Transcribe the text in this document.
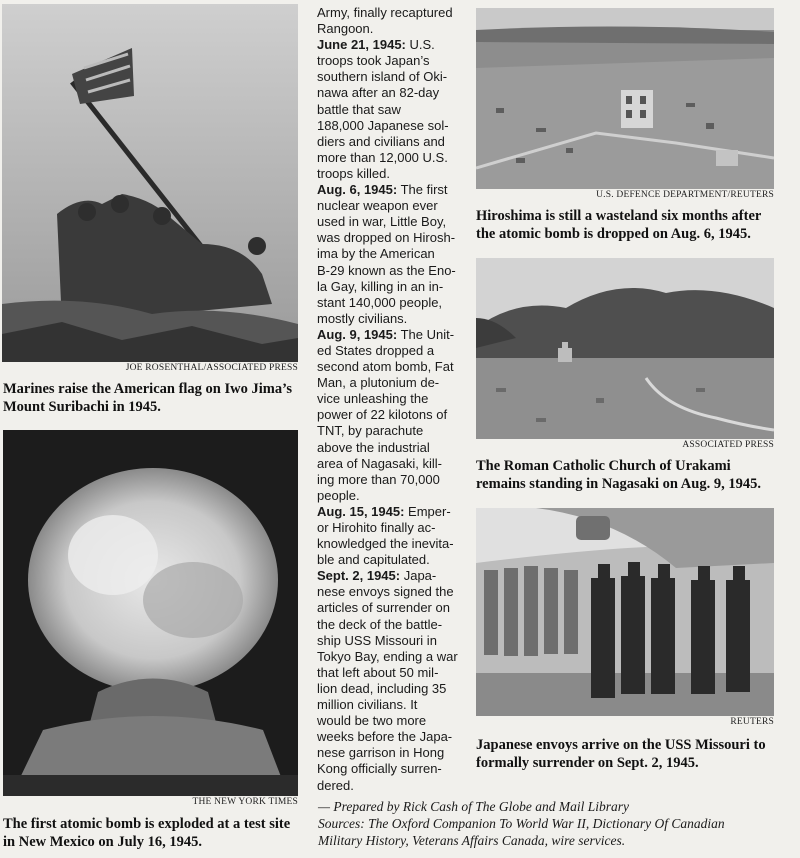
JOE ROSENTHAL/ASSOCIATED PRESS
Marines raise the American flag on Iwo Jima’s
Mount Suribachi in 1945.
THE NEW YORK TIMES
The first atomic bomb is exploded at a test site
in New Mexico on July 16, 1945.
Army, finally recaptured
Rangoon.
June 21, 1945: U.S.
troops took Japan’s
southern island of Oki-
nawa after an 82-day
battle that saw
188,000 Japanese sol-
diers and civilians and
more than 12,000 U.S.
troops killed.
Aug. 6, 1945: The first
nuclear weapon ever
used in war, Little Boy,
was dropped on Hirosh-
ima by the American
B-29 known as the Eno-
la Gay, killing in an in-
stant 140,000 people,
mostly civilians.
Aug. 9, 1945: The Unit-
ed States dropped a
second atom bomb, Fat
Man, a plutonium de-
vice unleashing the
power of 22 kilotons of
TNT, by parachute
above the industrial
area of Nagasaki, kill-
ing more than 70,000
people.
Aug. 15, 1945: Emper-
or Hirohito finally ac-
knowledged the inevita-
ble and capitulated.
Sept. 2, 1945: Japa-
nese envoys signed the
articles of surrender on
the deck of the battle-
ship USS Missouri in
Tokyo Bay, ending a war
that left about 50 mil-
lion dead, including 35
million civilians. It
would be two more
weeks before the Japa-
nese garrison in Hong
Kong officially surren-
dered.
U.S. DEFENCE DEPARTMENT/REUTERS
Hiroshima is still a wasteland six months after
the atomic bomb is dropped on Aug. 6, 1945.
ASSOCIATED PRESS
The Roman Catholic Church of Urakami
remains standing in Nagasaki on Aug. 9, 1945.
REUTERS
Japanese envoys arrive on the USS Missouri to
formally surrender on Sept. 2, 1945.
— Prepared by Rick Cash of The Globe and Mail Library
Sources: The Oxford Companion To World War II, Dictionary Of Canadian
Military History, Veterans Affairs Canada, wire services.
